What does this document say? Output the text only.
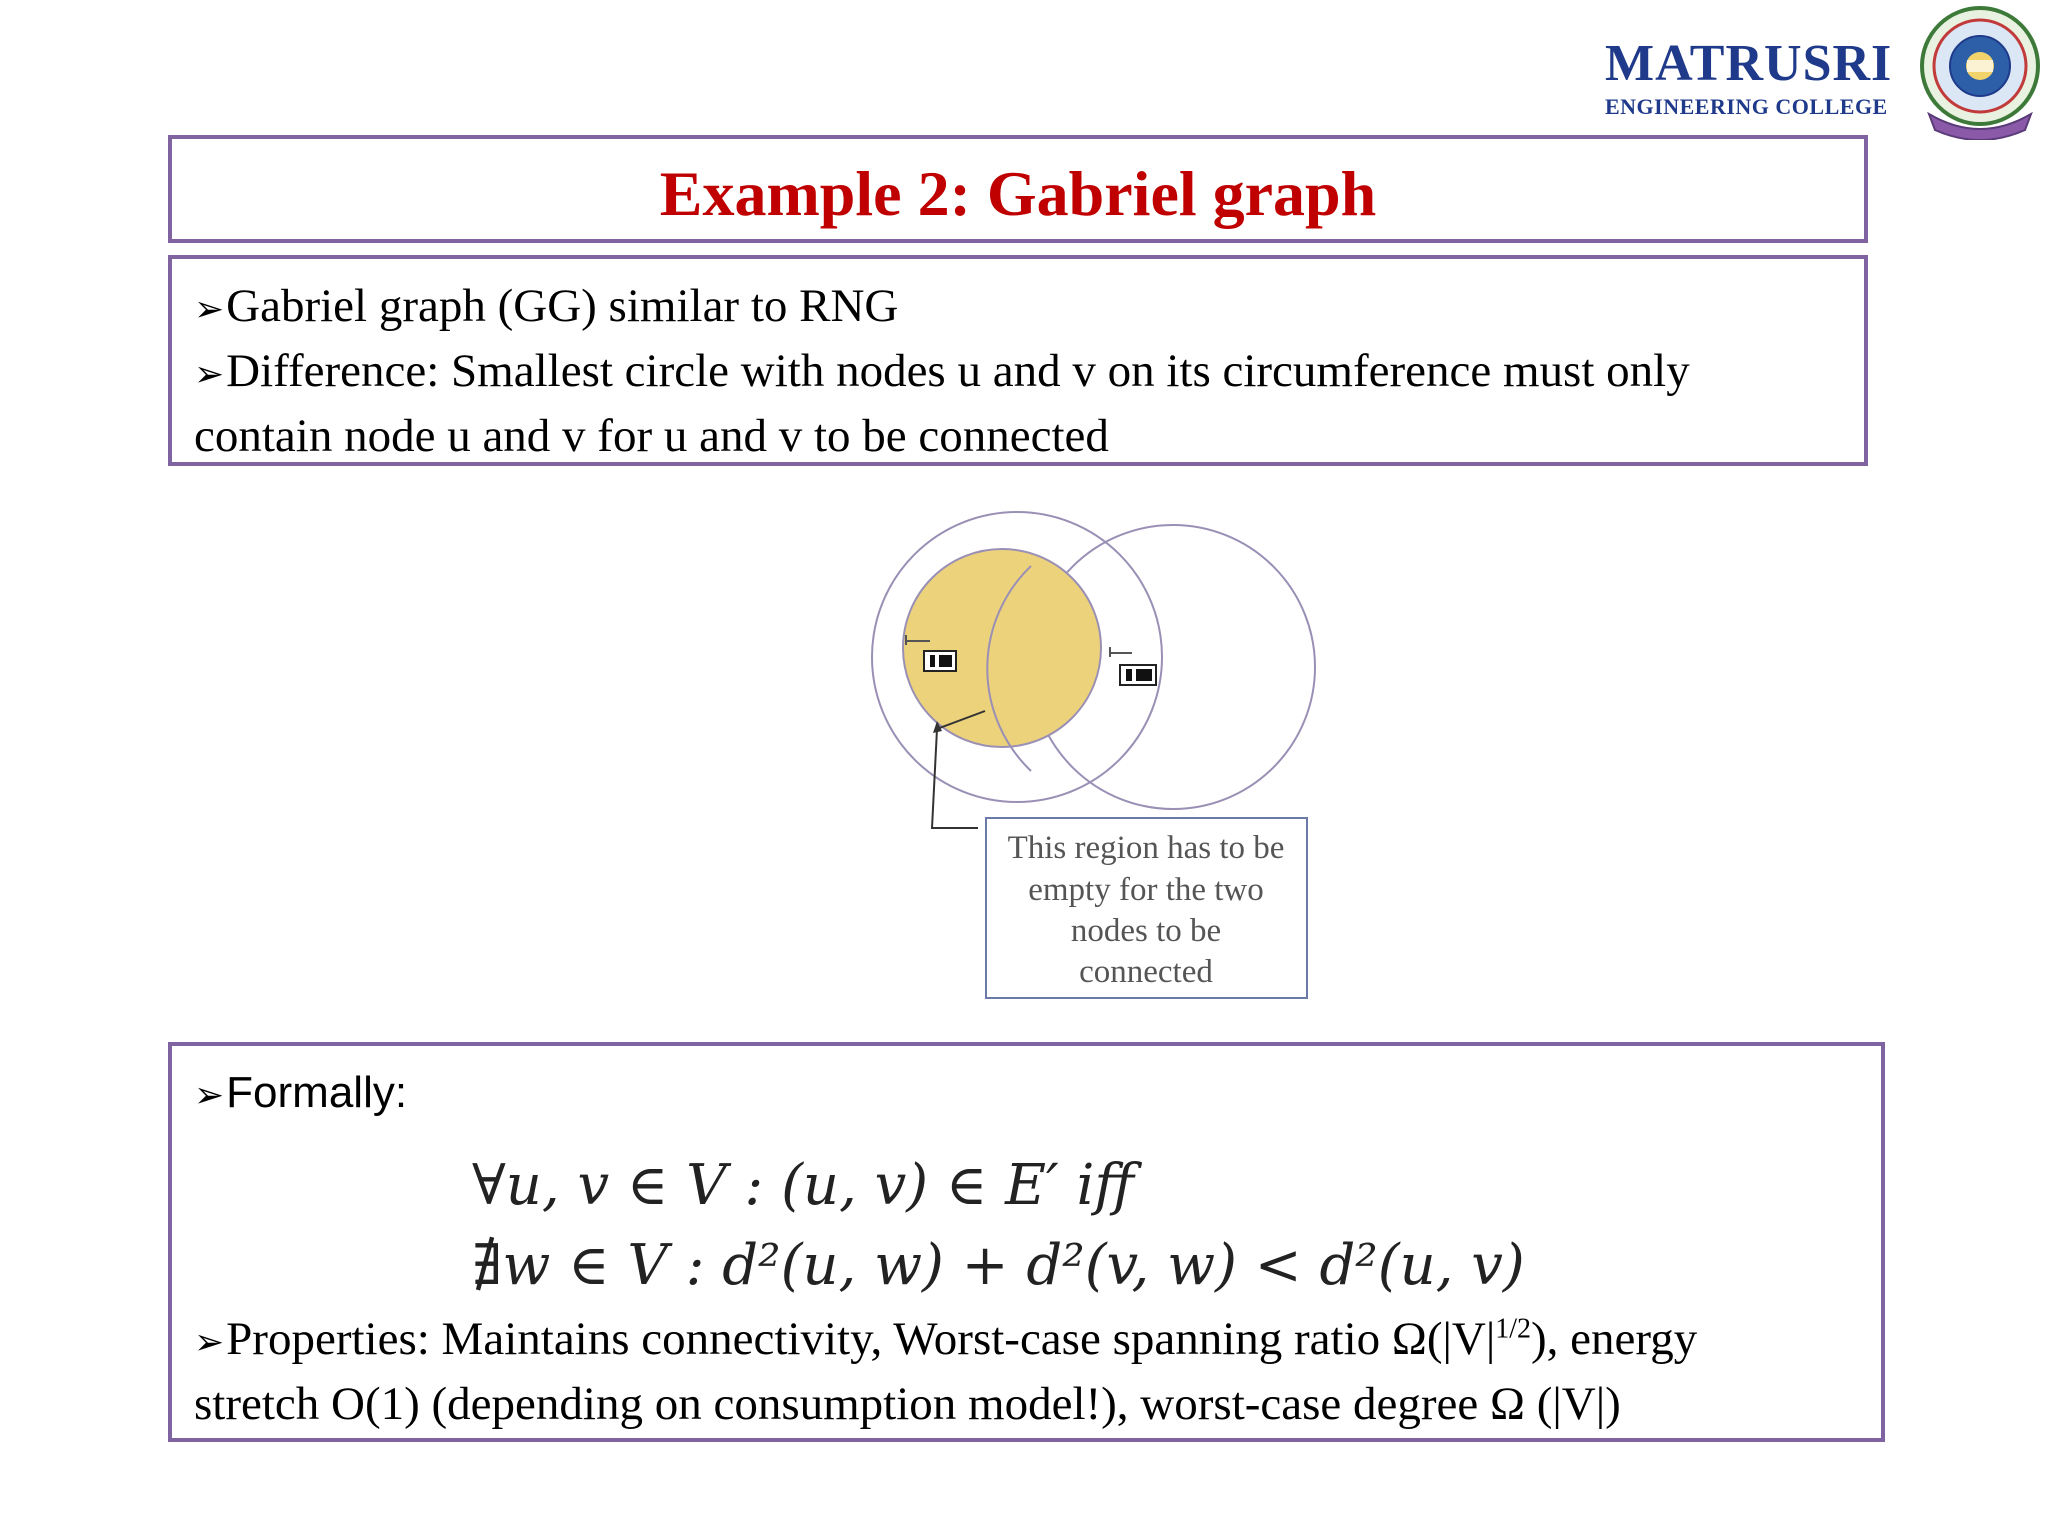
MATRUSRI
ENGINEERING COLLEGE
Example 2: Gabriel graph
➢Gabriel graph (GG) similar to RNG
➢Difference: Smallest circle with nodes u and v on its circumference must only
contain node u and v for u and v to be connected
This region has to be
empty for the two
nodes to be
connected
➢Formally:
∀u, v ∈ V : (u, v) ∈ E′ iff
∄w ∈ V : d²(u, w) + d²(v, w) < d²(u, v)
➢Properties: Maintains connectivity, Worst-case spanning ratio $\Omega(|V|^{1/2})$, energy
stretch O(1) (depending on consumption model!), worst-case degree Ω (|V|)
